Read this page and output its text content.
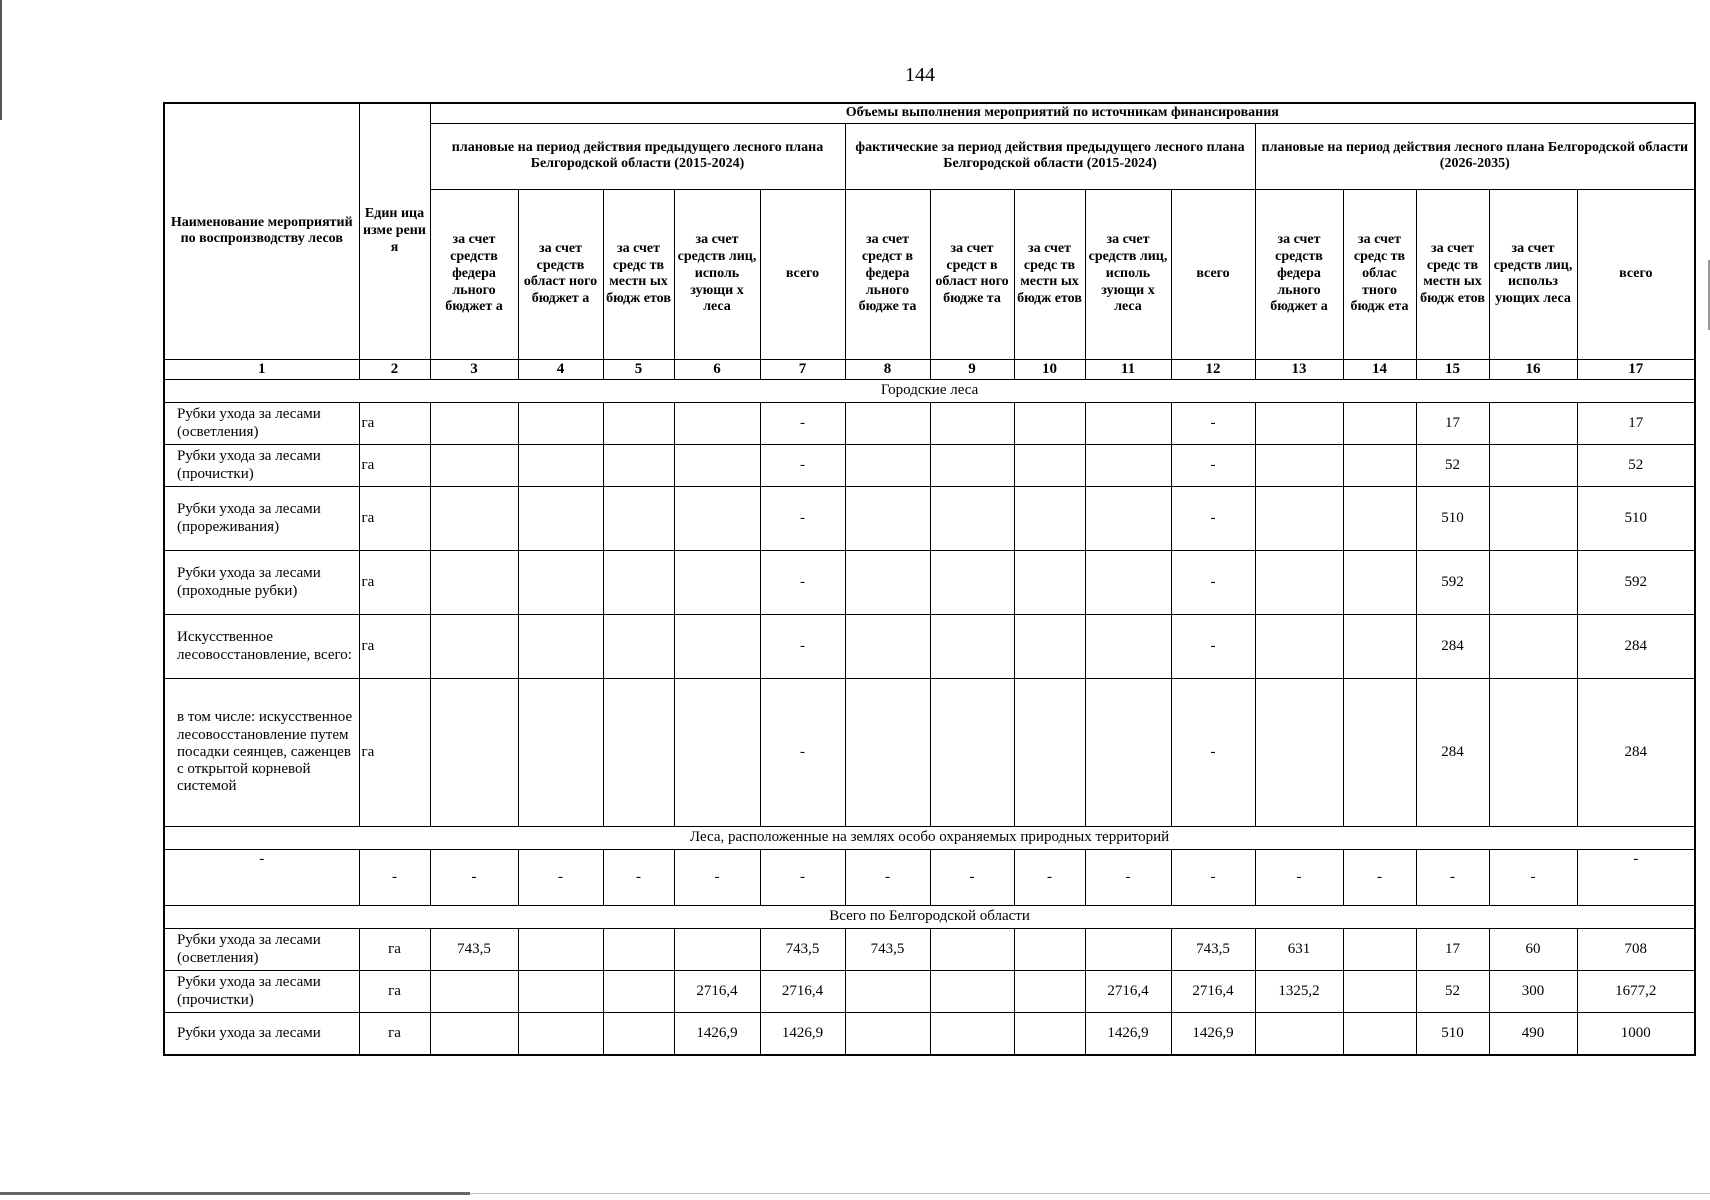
144
Наименование мероприятий по воспроизводству лесов	Един ица изме рени я	Объемы выполнения мероприятий по источникам финансирования														
		плановые на период действия предыдущего лесного плана Белгородской области (2015-2024)					фактические за период действия предыдущего лесного плана Белгородской области (2015-2024)					плановые на период действия лесного плана Белгородской области (2026-2035)				
		за счет средств федера льного бюджет а	за счет средств област ного бюджет а	за счет средс тв местн ых бюдж етов	за счет средств лиц, исполь зующи х леса	всего	за счет средст в федера льного бюдже та	за счет средст в област ного бюдже та	за счет средс тв местн ых бюдж етов	за счет средств лиц, исполь зующи х леса	всего	за счет средств федера льного бюджет а	за счет средс тв облас тного бюдж ета	за счет средс тв местн ых бюдж етов	за счет средств лиц, использ ующих леса	всего
1	2	3	4	5	6	7	8	9	10	11	12	13	14	15	16	17
Городские леса																
Рубки ухода за лесами (осветления)	га					-					-			17		17
Рубки ухода за лесами (прочистки)	га					-					-			52		52
Рубки ухода за лесами (прореживания)	га					-					-			510		510
Рубки ухода за лесами (проходные рубки)	га					-					-			592		592
Искусственное лесовосстановление, всего:	га					-					-			284		284
в том числе: искусственное лесовосстановление путем посадки сеянцев, саженцев с открытой корневой системой	га					-					-			284		284
Леса, расположенные на землях особо охраняемых природных территорий																
-	-	-	-	-	-	-	-	-	-	-	-	-	-	-	-	-
Всего по Белгородской области																
Рубки ухода за лесами (осветления)	га	743,5				743,5	743,5				743,5	631		17	60	708
Рубки ухода за лесами (прочистки)	га				2716,4	2716,4				2716,4	2716,4	1325,2		52	300	1677,2
Рубки ухода за лесами	га				1426,9	1426,9				1426,9	1426,9			510	490	1000
